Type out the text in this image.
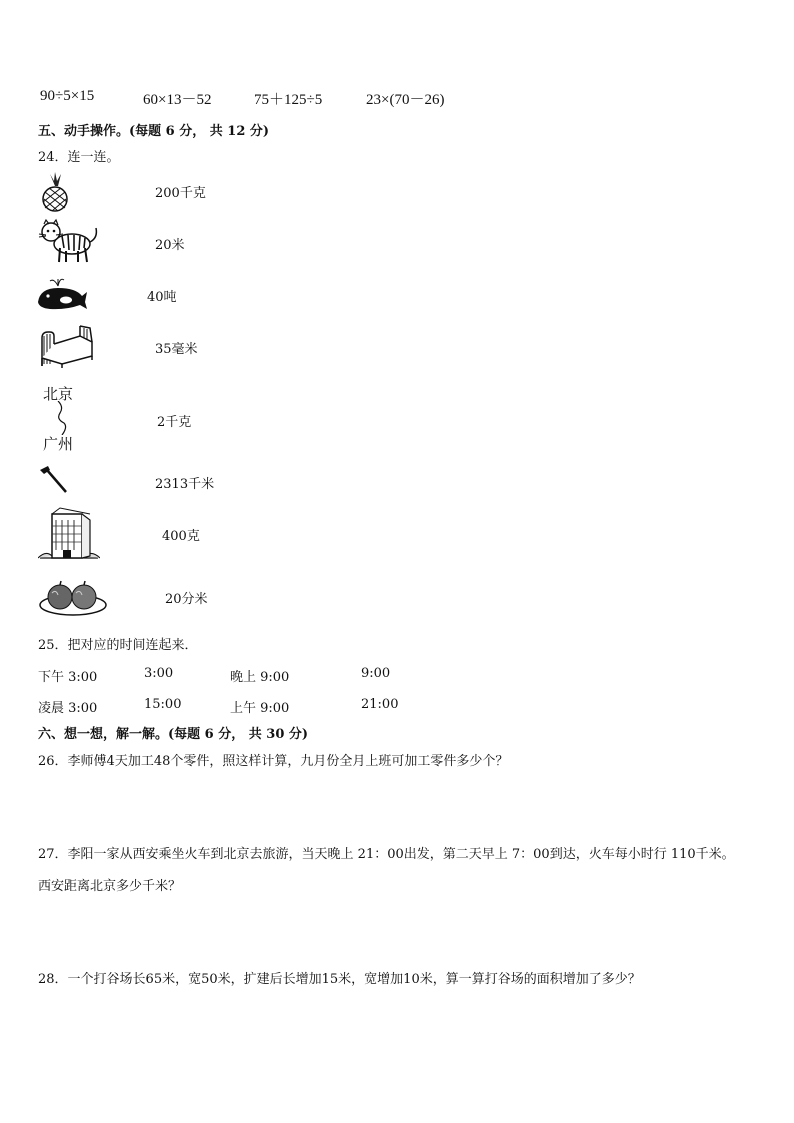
90÷5×15	60×13－52	75＋125÷5	23×(70－26)
五、动手操作。(每题 6 分， 共 12 分)
24．连一连。
200千克
20米
40吨
35毫米
北京
广州
2千克
2313千米
400克
20分米
25．把对应的时间连起来．
下午 3:00	3:00	晚上 9:00	9:00
凌晨 3:00	15:00	上午 9:00	21:00
六、想一想，解一解。(每题 6 分， 共 30 分)
26．李师傅4天加工48个零件，照这样计算，九月份全月上班可加工零件多少个？
27．李阳一家从西安乘坐火车到北京去旅游，当天晚上 21：00出发，第二天早上 7：00到达，火车每小时行 110千米。
西安距离北京多少千米？
28．一个打谷场长65米，宽50米，扩建后长增加15米，宽增加10米，算一算打谷场的面积增加了多少？
